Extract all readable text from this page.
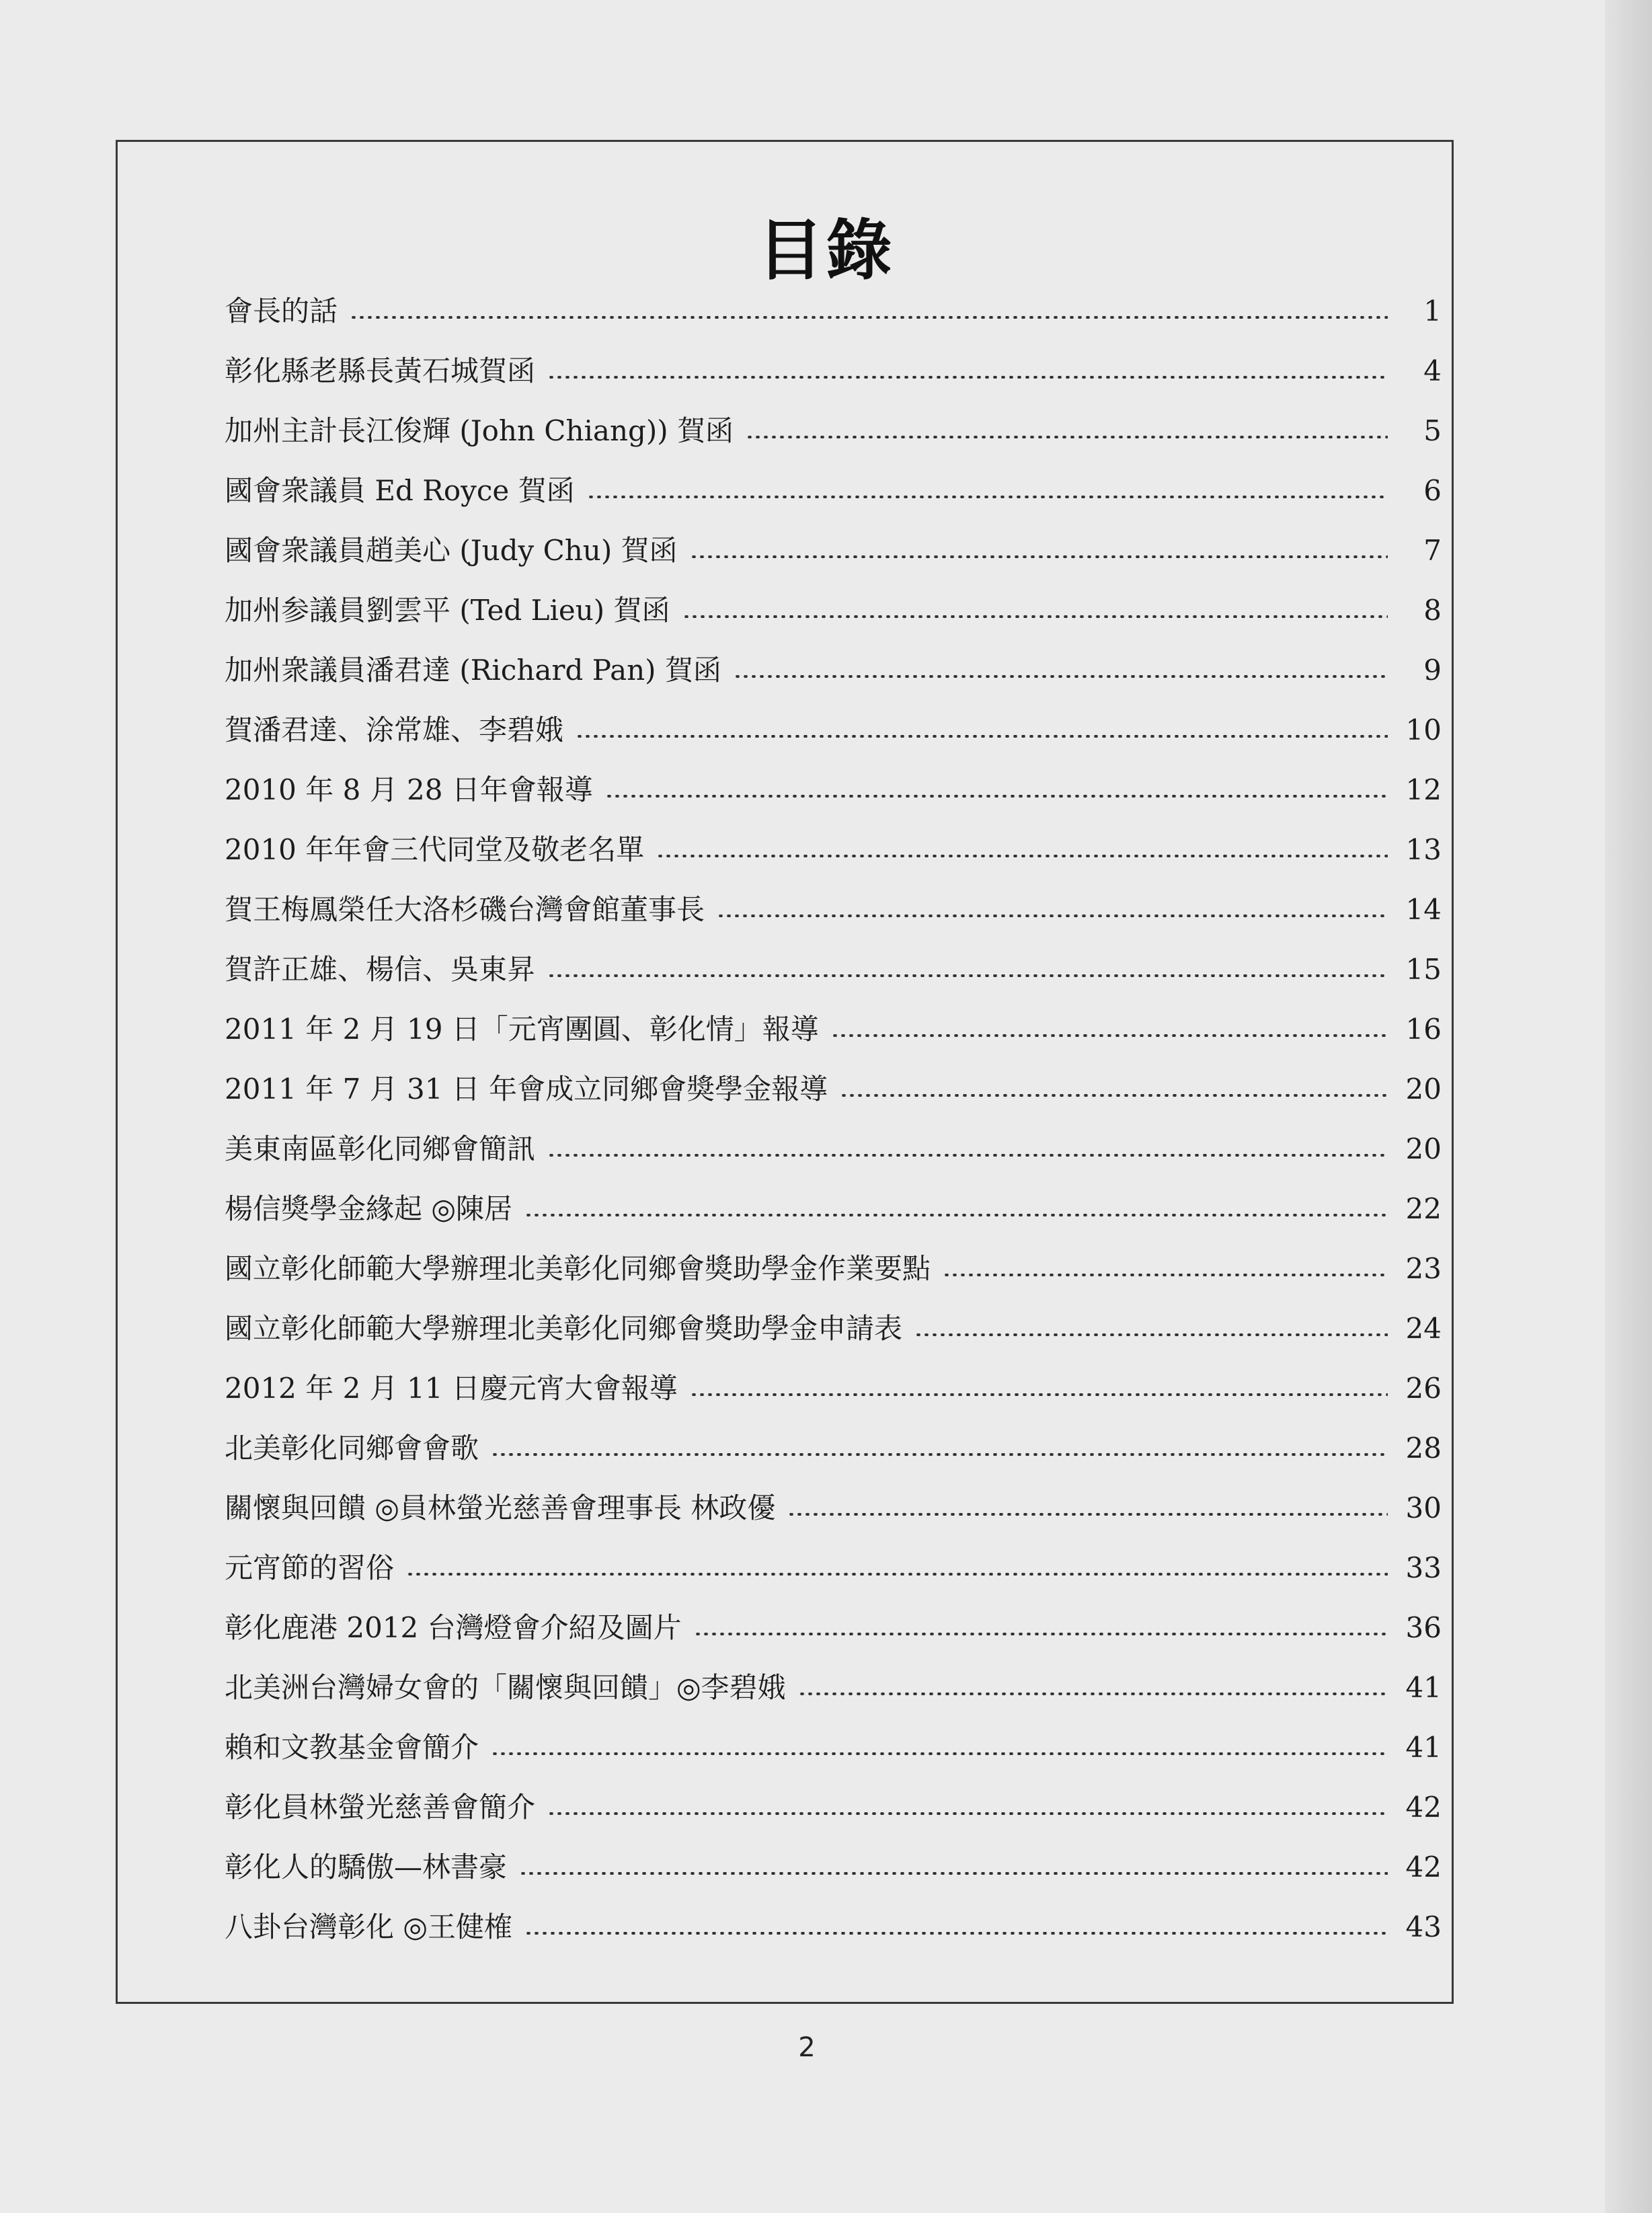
目錄
會長的話	1
彰化縣老縣長黃石城賀函	4
加州主計長江俊輝 (John Chiang)) 賀函	5
國會衆議員 Ed Royce 賀函	6
國會衆議員趙美心 (Judy Chu) 賀函	7
加州参議員劉雲平 (Ted Lieu) 賀函	8
加州衆議員潘君達 (Richard Pan) 賀函	9
賀潘君達、涂常雄、李碧娥	10
2010 年 8 月 28 日年會報導	12
2010 年年會三代同堂及敬老名單	13
賀王梅鳳榮任大洛杉磯台灣會館董事長	14
賀許正雄、楊信、吳東昇	15
2011 年 2 月 19 日「元宵團圓、彰化情」報導	16
2011 年 7 月 31 日 年會成立同鄉會獎學金報導	20
美東南區彰化同鄉會簡訊	20
楊信獎學金緣起 ◎陳居	22
國立彰化師範大學辦理北美彰化同鄉會獎助學金作業要點	23
國立彰化師範大學辦理北美彰化同鄉會獎助學金申請表	24
2012 年 2 月 11 日慶元宵大會報導	26
北美彰化同鄉會會歌	28
關懷與回饋 ◎員林螢光慈善會理事長 林政優	30
元宵節的習俗	33
彰化鹿港 2012 台灣燈會介紹及圖片	36
北美洲台灣婦女會的「關懷與回饋」◎李碧娥	41
賴和文教基金會簡介	41
彰化員林螢光慈善會簡介	42
彰化人的驕傲—林書豪	42
八卦台灣彰化 ◎王健榷	43
2
